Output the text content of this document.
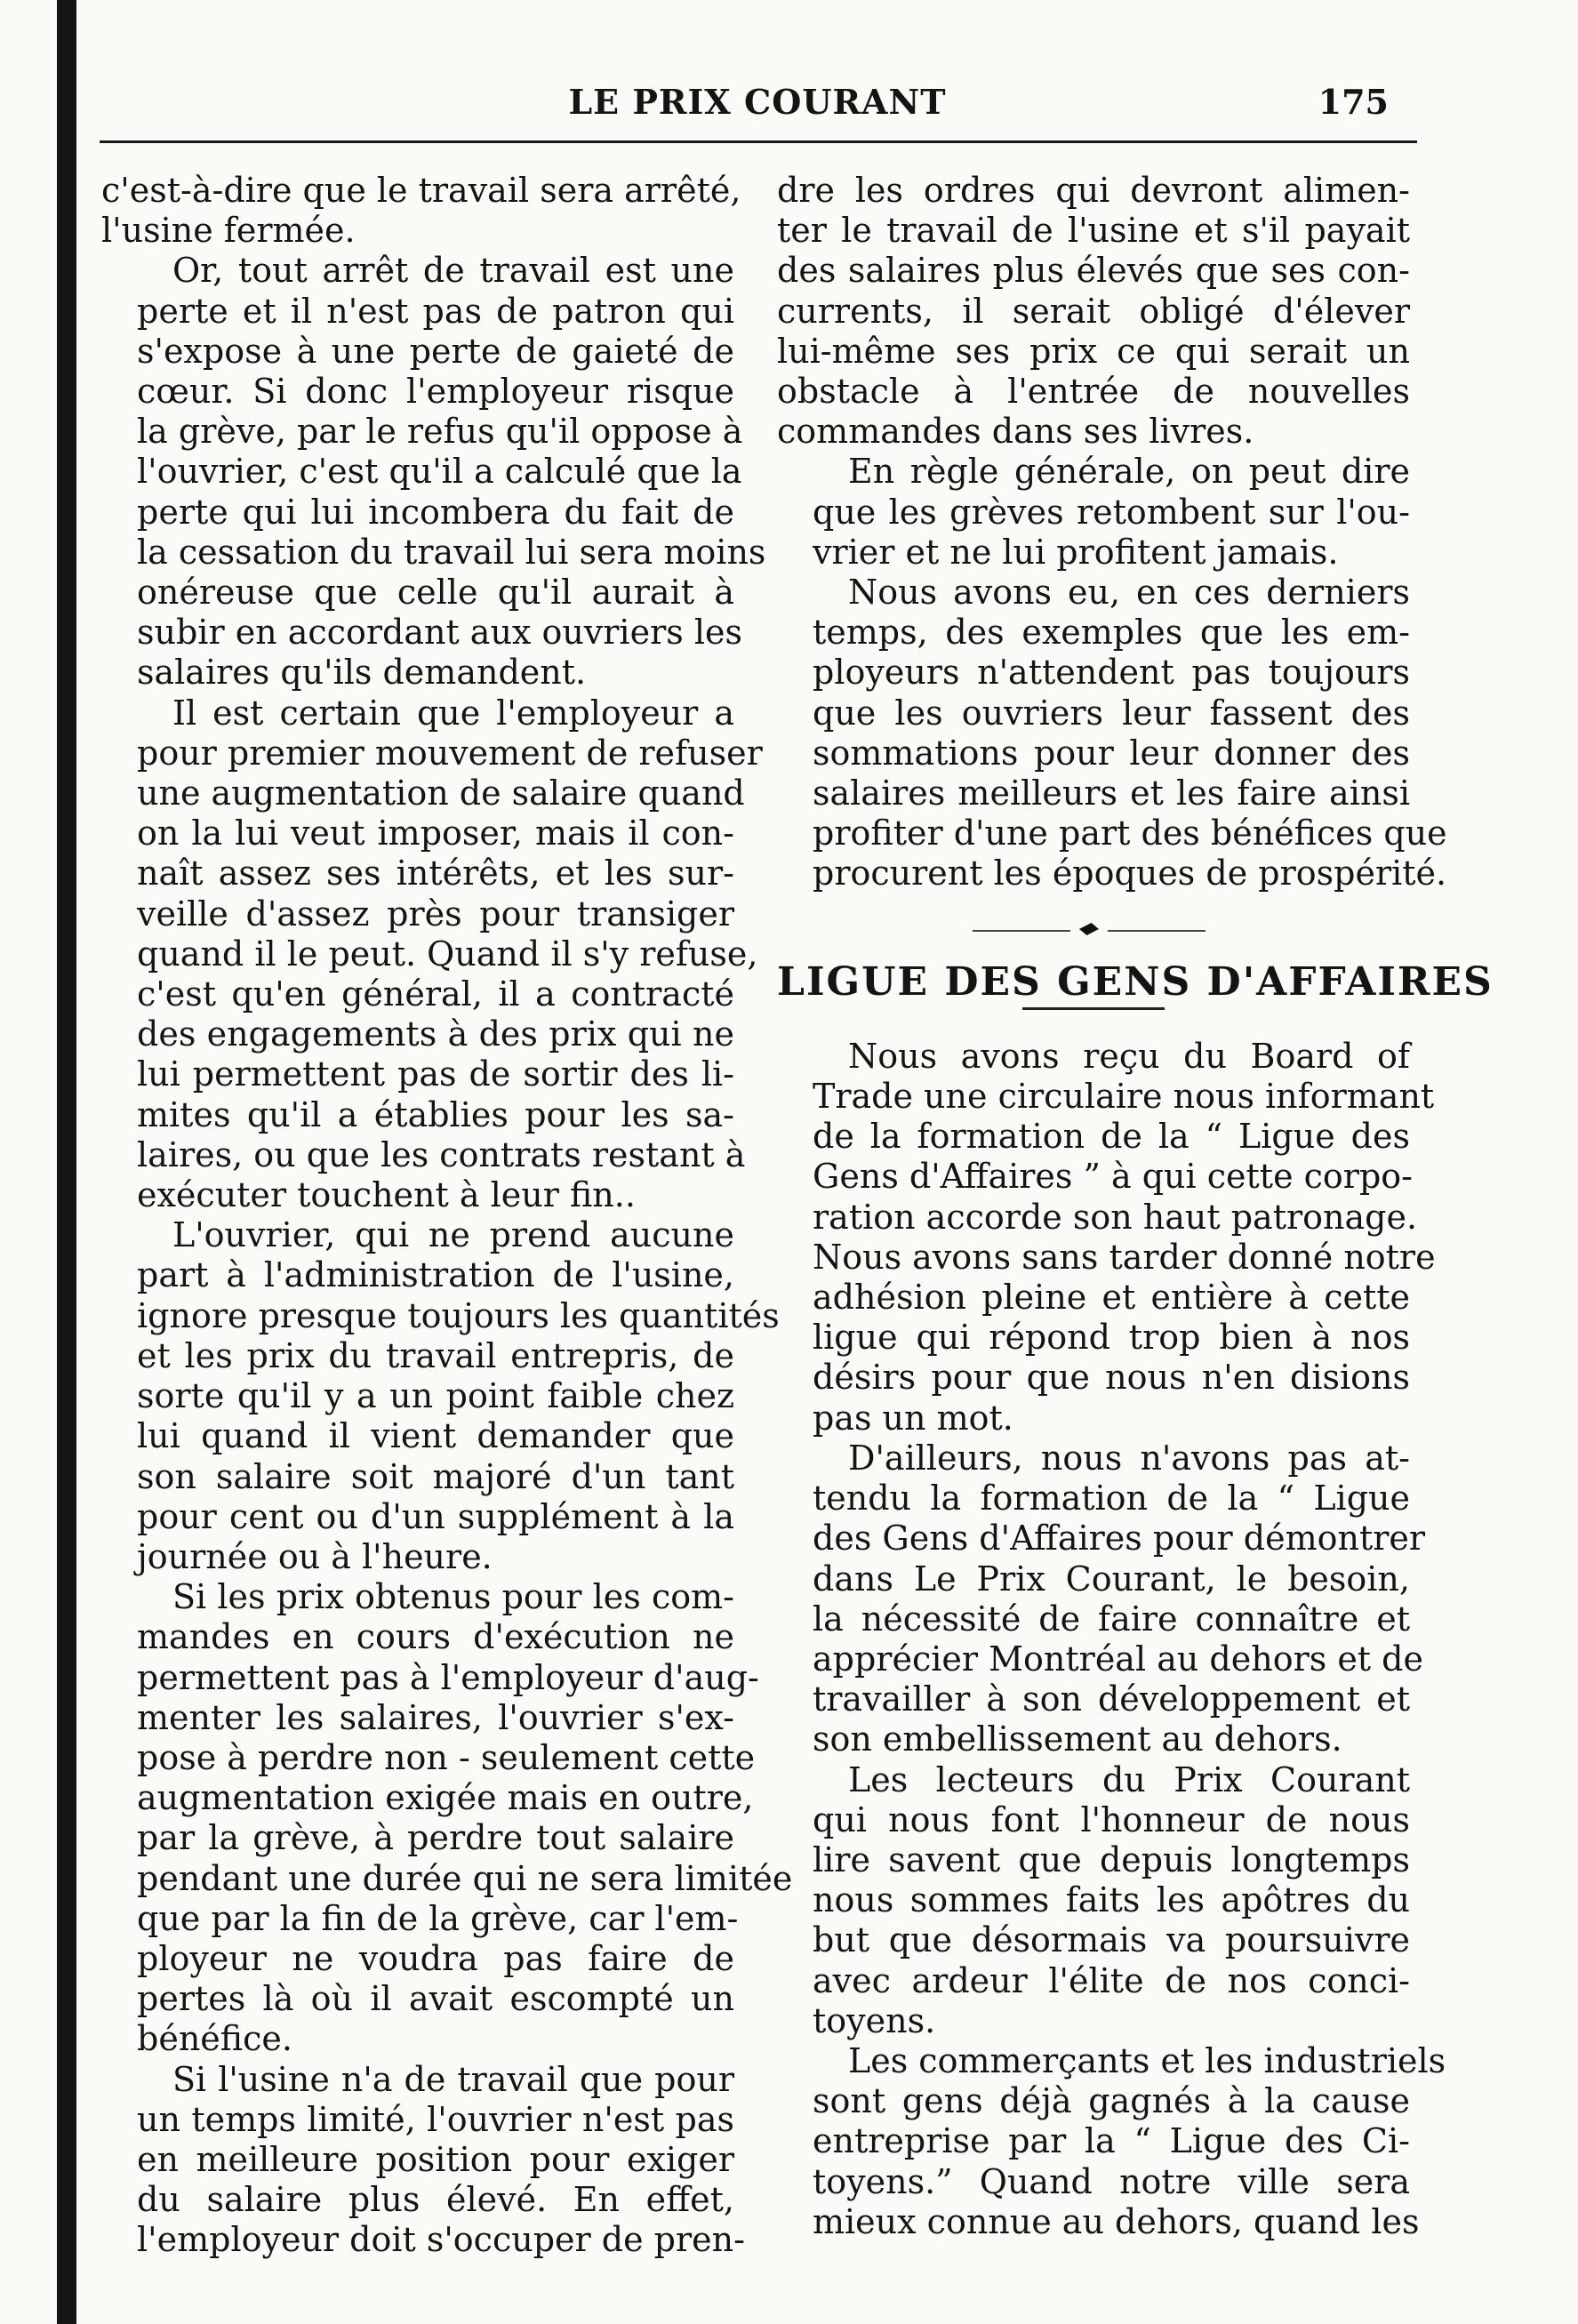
LE PRIX COURANT	175

c'est-à-dire que le travail sera arrêté,
l'usine fermée.

Or, tout arrêt de travail est une
perte et il n'est pas de patron qui
s'expose à une perte de gaieté de
cœur. Si donc l'employeur risque
la grève, par le refus qu'il oppose à
l'ouvrier, c'est qu'il a calculé que la
perte qui lui incombera du fait de
la cessation du travail lui sera moins
onéreuse que celle qu'il aurait à
subir en accordant aux ouvriers les
salaires qu'ils demandent.

Il est certain que l'employeur a
pour premier mouvement de refuser
une augmentation de salaire quand
on la lui veut imposer, mais il con-
naît assez ses intérêts, et les sur-
veille d'assez près pour transiger
quand il le peut. Quand il s'y refuse,
c'est qu'en général, il a contracté
des engagements à des prix qui ne
lui permettent pas de sortir des li-
mites qu'il a établies pour les sa-
laires, ou que les contrats restant à
exécuter touchent à leur fin..

L'ouvrier, qui ne prend aucune
part à l'administration de l'usine,
ignore presque toujours les quantités
et les prix du travail entrepris, de
sorte qu'il y a un point faible chez
lui quand il vient demander que
son salaire soit majoré d'un tant
pour cent ou d'un supplément à la
journée ou à l'heure.

Si les prix obtenus pour les com-
mandes en cours d'exécution ne
permettent pas à l'employeur d'aug-
menter les salaires, l'ouvrier s'ex-
pose à perdre non - seulement cette
augmentation exigée mais en outre,
par la grève, à perdre tout salaire
pendant une durée qui ne sera limitée
que par la fin de la grève, car l'em-
ployeur ne voudra pas faire de
pertes là où il avait escompté un
bénéfice.

Si l'usine n'a de travail que pour
un temps limité, l'ouvrier n'est pas
en meilleure position pour exiger
du salaire plus élevé. En effet,
l'employeur doit s'occuper de pren-

dre les ordres qui devront alimen-
ter le travail de l'usine et s'il payait
des salaires plus élevés que ses con-
currents, il serait obligé d'élever
lui-même ses prix ce qui serait un
obstacle à l'entrée de nouvelles
commandes dans ses livres.

En règle générale, on peut dire
que les grèves retombent sur l'ou-
vrier et ne lui profitent jamais.

Nous avons eu, en ces derniers
temps, des exemples que les em-
ployeurs n'attendent pas toujours
que les ouvriers leur fassent des
sommations pour leur donner des
salaires meilleurs et les faire ainsi
profiter d'une part des bénéfices que
procurent les époques de prospérité.

LIGUE DES GENS D'AFFAIRES

Nous avons reçu du Board of
Trade une circulaire nous informant
de la formation de la “ Ligue des
Gens d'Affaires ” à qui cette corpo-
ration accorde son haut patronage.
Nous avons sans tarder donné notre
adhésion pleine et entière à cette
ligue qui répond trop bien à nos
désirs pour que nous n'en disions
pas un mot.

D'ailleurs, nous n'avons pas at-
tendu la formation de la “ Ligue
des Gens d'Affaires pour démontrer
dans Le Prix Courant, le besoin,
la nécessité de faire connaître et
apprécier Montréal au dehors et de
travailler à son développement et
son embellissement au dehors.

Les lecteurs du Prix Courant
qui nous font l'honneur de nous
lire savent que depuis longtemps
nous sommes faits les apôtres du
but que désormais va poursuivre
avec ardeur l'élite de nos conci-
toyens.

Les commerçants et les industriels
sont gens déjà gagnés à la cause
entreprise par la “ Ligue des Ci-
toyens.” Quand notre ville sera
mieux connue au dehors, quand les
